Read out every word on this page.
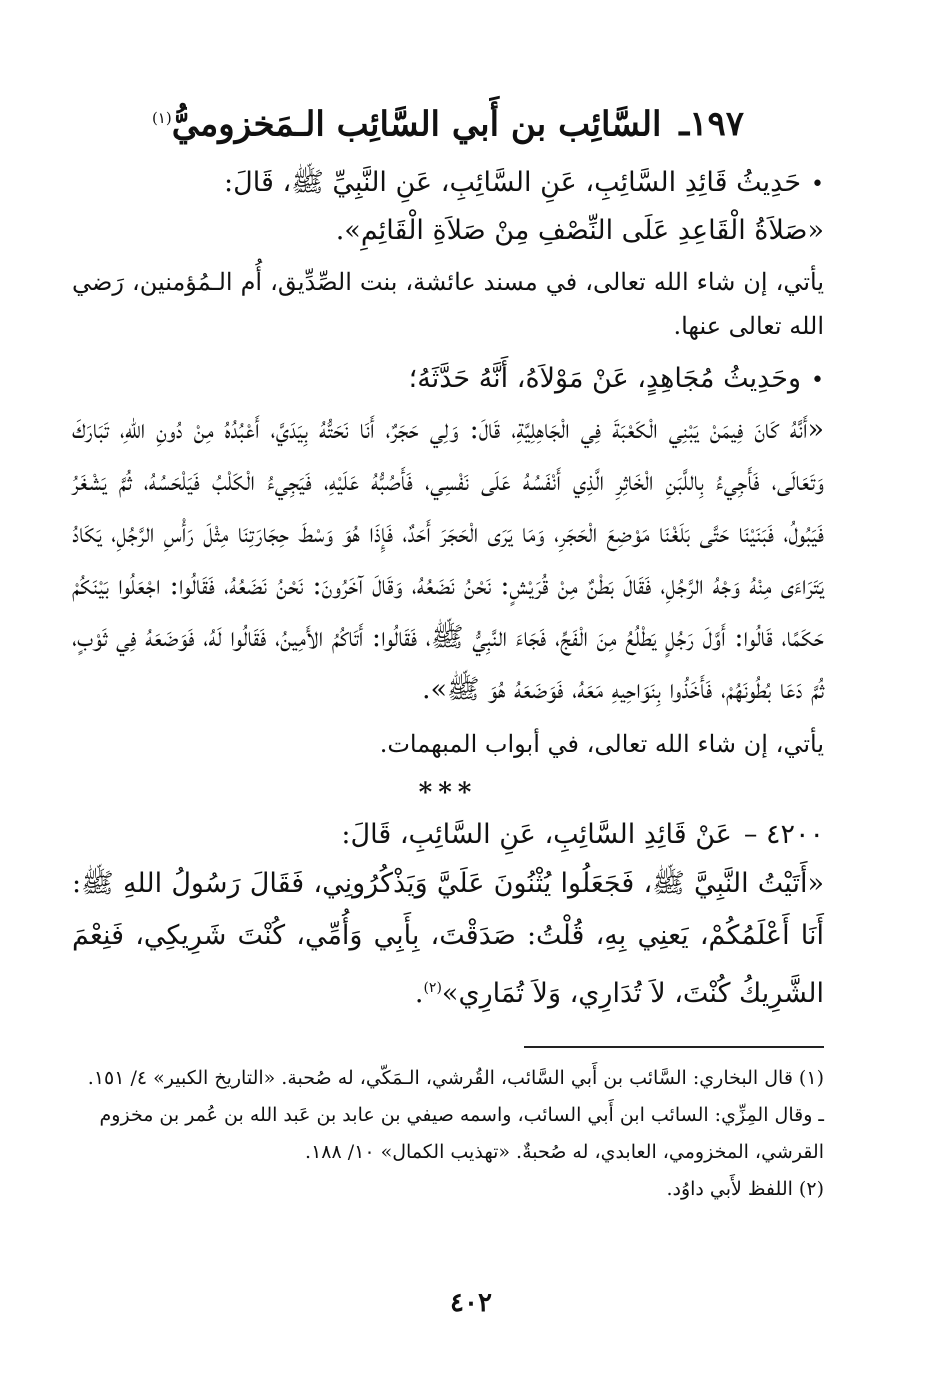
١٩٧ـ السَّائِب بن أَبي السَّائِب الـمَخزوميُّ$^{(١)}$

•حَدِيثُ قَائِدِ السَّائِبِ، عَنِ السَّائِبِ، عَنِ النَّبِيِّ ﷺ، قَالَ:

«صَلاَةُ الْقَاعِدِ عَلَى النِّصْفِ مِنْ صَلاَةِ الْقَائِمِ».

يأتي، إن شاء الله تعالى، في مسند عائشة، بنت الصِّدِّيق، أُم الـمُؤمنين، رَضي الله تعالى عنها.

•وحَدِيثُ مُجَاهِدٍ، عَنْ مَوْلاَهُ، أَنَّهُ حَدَّثَهُ؛

«أَنَّهُ كَانَ فِيمَنْ يَبْنِي الْكَعْبَةَ فِي الْجَاهِلِيَّةِ، قَالَ: وَلِي حَجَرٌ، أَنَا نَحَتُّهُ بِيَدَيَّ، أَعْبُدُهُ مِنْ دُونِ اللهِ، تَبَارَكَ وَتَعَالَى، فَأَجِيءُ بِاللَّبَنِ الْخَاثِرِ الَّذِي أَنْفَسُهُ عَلَى نَفْسِي، فَأَصُبُّهُ عَلَيْهِ، فَيَجِيءُ الْكَلْبُ فَيَلْحَسُهُ، ثُمَّ يَشْغَرُ فَيَبُولُ، فَبَنَيْنَا حَتَّى بَلَغْنَا مَوْضِعَ الْحَجَرِ، وَمَا يَرَى الْحَجَرَ أَحَدٌ، فَإِذَا هُوَ وَسْطَ حِجَارَتِنَا مِثْلَ رَأْسِ الرَّجُلِ، يَكَادُ يَتَرَاءَى مِنْهُ وَجْهُ الرَّجُلِ، فَقَالَ بَطْنٌ مِنْ قُرَيْشٍ: نَحْنُ نَضَعُهُ، وَقَالَ آخَرُونَ: نَحْنُ نَضَعُهُ، فَقَالُوا: اجْعَلُوا بَيْنَكُمْ حَكَمًا، قَالُوا: أَوَّلَ رَجُلٍ يَطْلُعُ مِنَ الْفَجِّ، فَجَاءَ النَّبِيُّ ﷺ، فَقَالُوا: أَتَاكُمُ الأَمِينُ، فَقَالُوا لَهُ، فَوَضَعَهُ فِي ثَوْبٍ، ثُمَّ دَعَا بُطُونَهُمْ، فَأَخَذُوا بِنَوَاحِيهِ مَعَهُ، فَوَضَعَهُ هُوَ ﷺ».

يأتي، إن شاء الله تعالى، في أبواب المبهمات.

***

٤٢٠٠ –عَنْ قَائِدِ السَّائِبِ، عَنِ السَّائِبِ، قَالَ:

«أَتَيْتُ النَّبِيَّ ﷺ، فَجَعَلُوا يُثْنُونَ عَلَيَّ وَيَذْكُرُونِي، فَقَالَ رَسُولُ اللهِ ﷺ: أَنَا أَعْلَمُكُمْ، يَعنِي بِهِ، قُلْتُ: صَدَقْتَ، بِأَبِي وَأُمِّي، كُنْتَ شَرِيكِي، فَنِعْمَ الشَّرِيكُ كُنْتَ، لاَ تُدَارِي، وَلاَ تُمَارِي»$^{(٢)}$.

(١) قال البخاري: السَّائب بن أَبي السَّائب، القُرشي، الـمَكّي، له صُحبة. «التاريخ الكبير» ٤/ ١٥١.

ـ وقال المِزِّي: السائب ابن أَبي السائب، واسمه صيفي بن عابد بن عَبد الله بن عُمر بن مخزوم القرشي، المخزومي، العابدي، له صُحبةٌ. «تهذيب الكمال» ١٠/ ١٨٨.

(٢) اللفظ لأَبي داوُد.

٤٠٢
